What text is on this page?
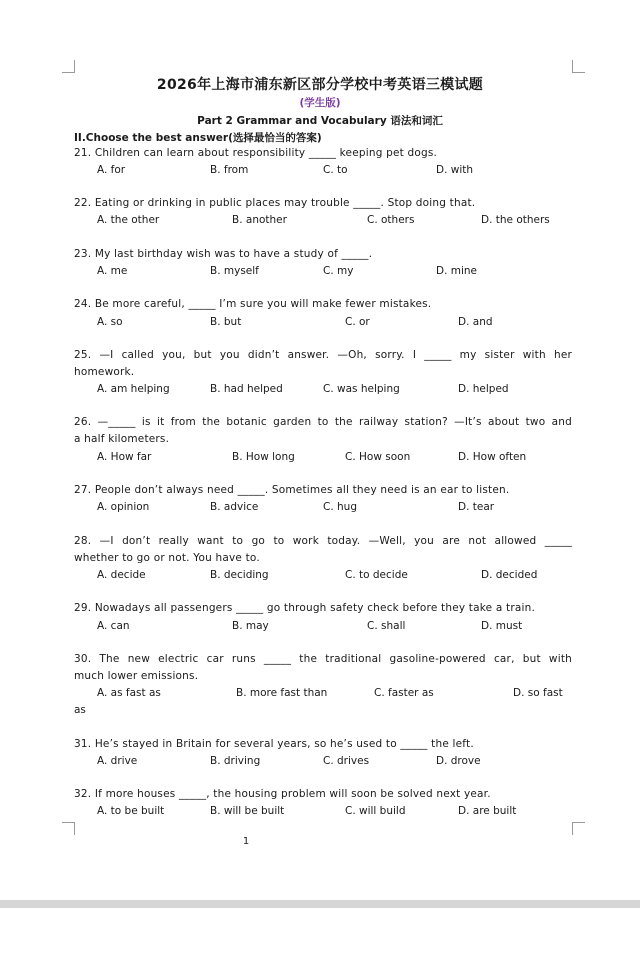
2026年上海市浦东新区部分学校中考英语三模试题
(学生版)
Part 2 Grammar and Vocabulary 语法和词汇
II.Choose the best answer(选择最恰当的答案)
21. Children can learn about responsibility _____ keeping pet dogs.
A. for	B. from	C. to	D. with
22. Eating or drinking in public places may trouble _____. Stop doing that.
A. the other	B. another	C. others	D. the others
23. My last birthday wish was to have a study of _____.
A. me	B. myself	C. my	D. mine
24. Be more careful, _____ I’m sure you will make fewer mistakes.
A. so	B. but	C. or	D. and
25. —I called you, but you didn’t answer. —Oh, sorry. I _____ my sister with her
homework.
A. am helping	B. had helped	C. was helping	D. helped
26. —_____ is it from the botanic garden to the railway station? —It’s about two and
a half kilometers.
A. How far	B. How long	C. How soon	D. How often
27. People don’t always need _____. Sometimes all they need is an ear to listen.
A. opinion	B. advice	C. hug	D. tear
28. —I don’t really want to go to work today. —Well, you are not allowed _____
whether to go or not. You have to.
A. decide	B. deciding	C. to decide	D. decided
29. Nowadays all passengers _____ go through safety check before they take a train.
A. can	B. may	C. shall	D. must
30. The new electric car runs _____ the traditional gasoline-powered car, but with
much lower emissions.
A. as fast as	B. more fast than	C. faster as	D. so fast
as
31. He’s stayed in Britain for several years, so he’s used to _____ the left.
A. drive	B. driving	C. drives	D. drove
32. If more houses _____, the housing problem will soon be solved next year.
A. to be built	B. will be built	C. will build	D. are built
1
